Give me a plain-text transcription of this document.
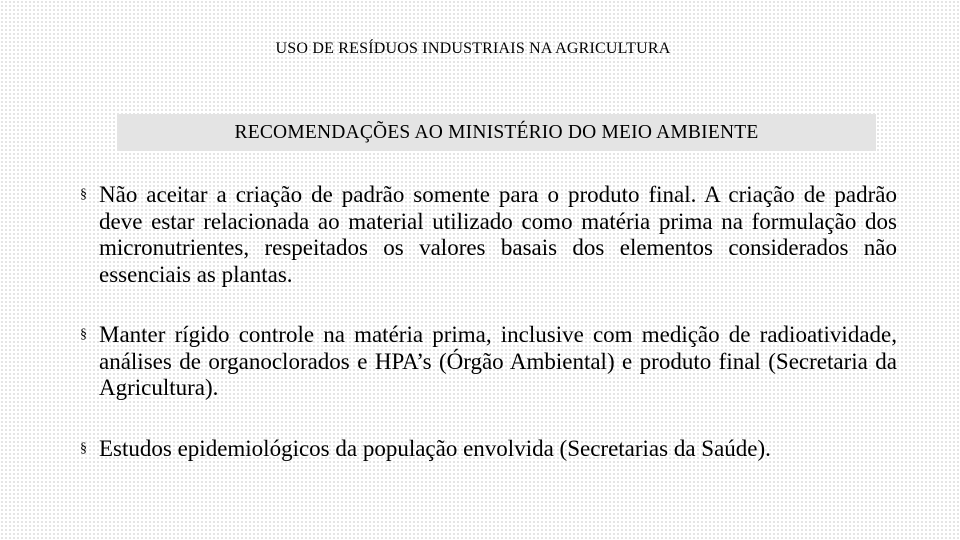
USO DE RESÍDUOS INDUSTRIAIS NA AGRICULTURA
RECOMENDAÇÕES AO MINISTÉRIO DO MEIO AMBIENTE
§ Não aceitar a criação de padrão somente para o produto final. A criação de padrão deve estar relacionada ao material utilizado como matéria prima na formulação dos micronutrientes, respeitados os valores basais dos elementos considerados não essenciais as plantas.
§ Manter rígido controle na matéria prima, inclusive com medição de radioatividade, análises de organoclorados e HPA’s (Órgão Ambiental) e produto final (Secretaria da Agricultura).
§ Estudos epidemiológicos da população envolvida (Secretarias da Saúde).
